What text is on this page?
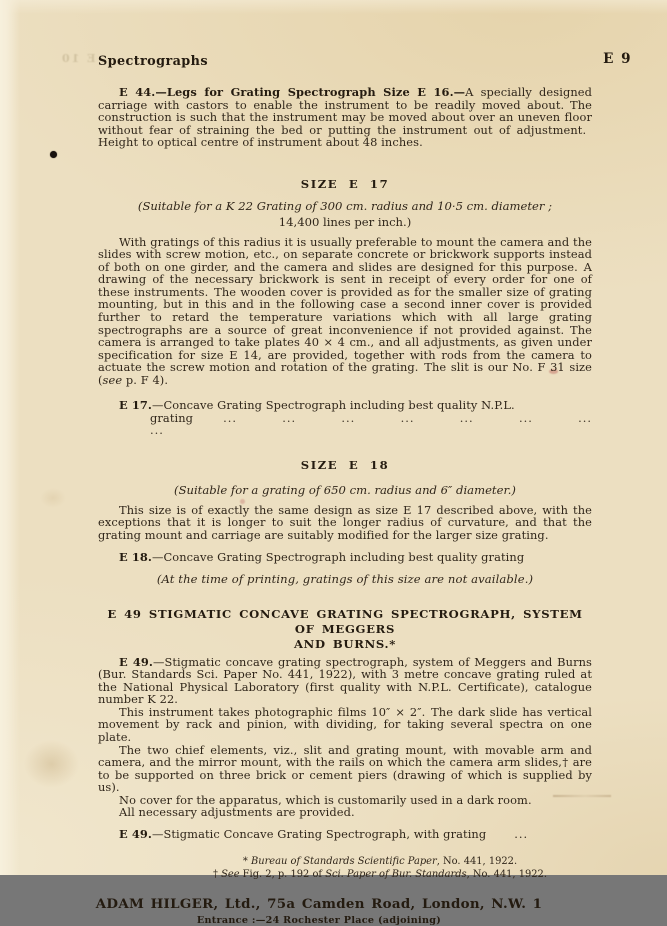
E 10	E 9
Spectrographs

E 44.—Legs for Grating Spectrograph Size E 16.—A specially designed carriage with castors to enable the instrument to be readily moved about. The construction is such that the instrument may be moved about over an uneven floor without fear of straining the bed or putting the instrument out of adjustment. Height to optical centre of instrument about 48 inches.

SIZE E 17
(Suitable for a K 22 Grating of 300 cm. radius and 10·5 cm. diameter ;
14,400 lines per inch.)

With gratings of this radius it is usually preferable to mount the camera and the slides with screw motion, etc., on separate concrete or brickwork supports instead of both on one girder, and the camera and slides are designed for this purpose. A drawing of the necessary brickwork is sent in receipt of every order for one of these instruments. The wooden cover is provided as for the smaller size of grating mounting, but in this and in the following case a second inner cover is provided further to retard the temperature variations which with all large grating spectrographs are a source of great inconvenience if not provided against. The camera is arranged to take plates 40 × 4 cm., and all adjustments, as given under specification for size E 14, are provided, together with rods from the camera to actuate the screw motion and rotation of the grating. The slit is our No. F 31 size (see p. F 4).

E 17.—Concave Grating Spectrograph including best quality N.P.L.

grating	... ... ... ... ... ... ... ...

SIZE E 18
(Suitable for a grating of 650 cm. radius and 6″ diameter.)

This size is of exactly the same design as size E 17 described above, with the exceptions that it is longer to suit the longer radius of curvature, and that the grating mount and carriage are suitably modified for the larger size grating.

E 18.—Concave Grating Spectrograph including best quality grating

(At the time of printing, gratings of this size are not available.)

E 49 STIGMATIC CONCAVE GRATING SPECTROGRAPH, SYSTEM OF MEGGERS
AND BURNS.*

E 49.—Stigmatic concave grating spectrograph, system of Meggers and Burns (Bur. Standards Sci. Paper No. 441, 1922), with 3 metre concave grating ruled at the National Physical Laboratory (first quality with N.P.L. Certificate), catalogue number K 22.

This instrument takes photographic films 10″ × 2″. The dark slide has vertical movement by rack and pinion, with dividing, for taking several spectra on one plate.

The two chief elements, viz., slit and grating mount, with movable arm and camera, and the mirror mount, with the rails on which the camera arm slides,† are to be supported on three brick or cement piers (drawing of which is supplied by us).

No cover for the apparatus, which is customarily used in a dark room.

All necessary adjustments are provided.

E 49.—Stigmatic Concave Grating Spectrograph, with grating ...

* Bureau of Standards Scientific Paper, No. 441, 1922.
† See Fig. 2, p. 192 of Sci. Paper of Bur. Standards, No. 441, 1922.
ADAM HILGER, Ltd., 75a Camden Road, London, N.W. 1
Entrance :—24 Rochester Place (adjoining)
